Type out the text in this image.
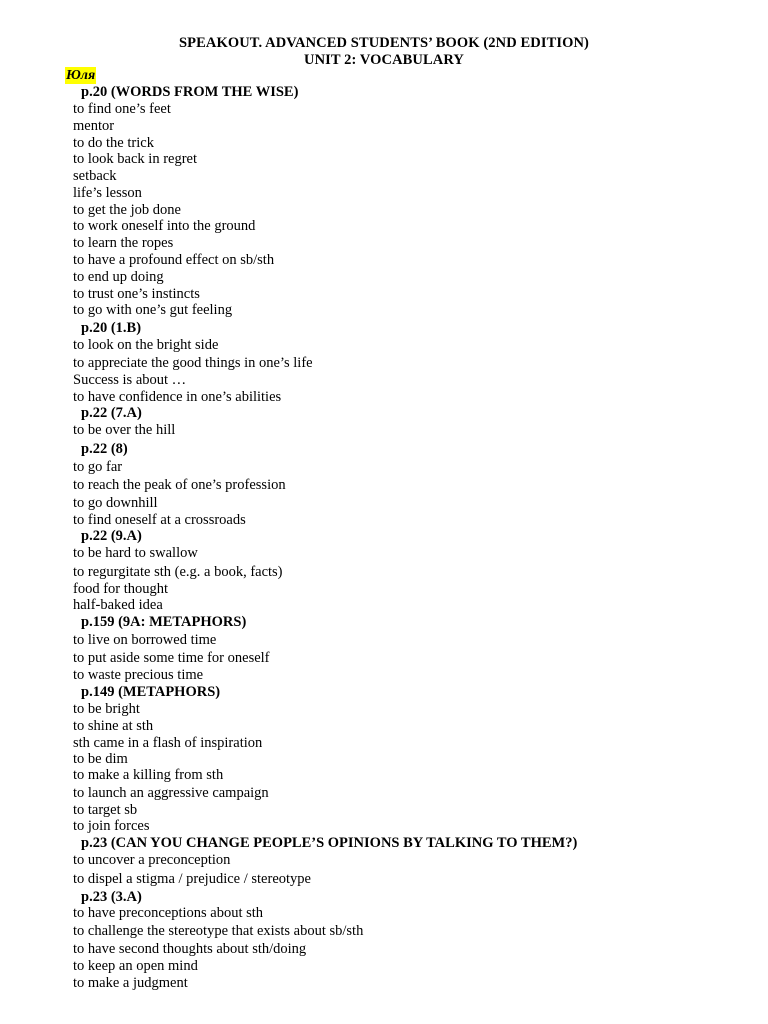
SPEAKOUT. ADVANCED STUDENTS’ BOOK (2ND EDITION)
UNIT 2: VOCABULARY
Юля
p.20 (WORDS FROM THE WISE)
to find one’s feet
mentor
to do the trick
to look back in regret
setback
life’s lesson
to get the job done
to work oneself into the ground
to learn the ropes
to have a profound effect on sb/sth
to end up doing
to trust one’s instincts
to go with one’s gut feeling
p.20 (1.B)
to look on the bright side
to appreciate the good things in one’s life
Success is about …
to have confidence in one’s abilities
p.22 (7.A)
to be over the hill
p.22 (8)
to go far
to reach the peak of one’s profession
to go downhill
to find oneself at a crossroads
p.22 (9.A)
to be hard to swallow
to regurgitate sth (e.g. a book, facts)
food for thought
half-baked idea
p.159 (9A: METAPHORS)
to live on borrowed time
to put aside some time for oneself
to waste precious time
p.149 (METAPHORS)
to be bright
to shine at sth
sth came in a flash of inspiration
to be dim
to make a killing from sth
to launch an aggressive campaign
to target sb
to join forces
p.23 (CAN YOU CHANGE PEOPLE’S OPINIONS BY TALKING TO THEM?)
to uncover a preconception
to dispel a stigma / prejudice / stereotype
p.23 (3.A)
to have preconceptions about sth
to challenge the stereotype that exists about sb/sth
to have second thoughts about sth/doing
to keep an open mind
to make a judgment
